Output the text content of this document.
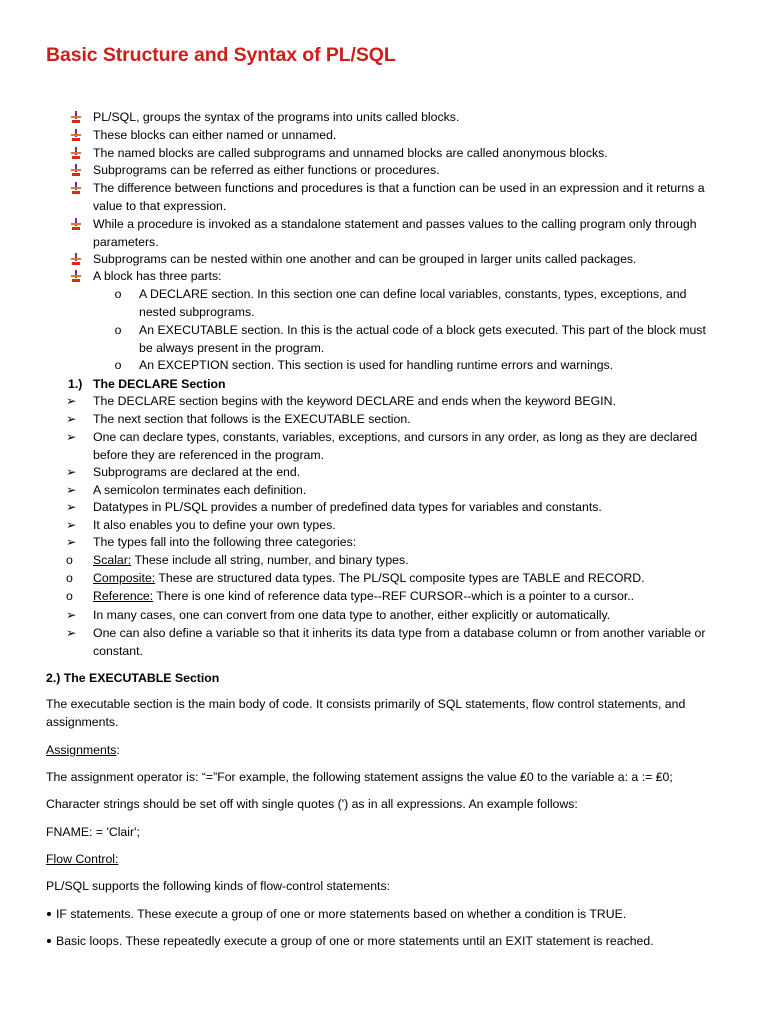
Basic Structure and Syntax of PL/SQL
PL/SQL, groups the syntax of the programs into units called blocks.
These blocks can either named or unnamed.
The named blocks are called subprograms and unnamed blocks are called anonymous blocks.
Subprograms can be referred as either functions or procedures.
The difference between functions and procedures is that a function can be used in an expression and it returns a value to that expression.
While a procedure is invoked as a standalone statement and passes values to the calling program only through parameters.
Subprograms can be nested within one another and can be grouped in larger units called packages.
A block has three parts:
o A DECLARE section. In this section one can define local variables, constants, types, exceptions, and nested subprograms.
o An EXECUTABLE section. In this is the actual code of a block gets executed. This part of the block must be always present in the program.
o An EXCEPTION section. This section is used for handling runtime errors and warnings.
1.) The DECLARE Section
➢ The DECLARE section begins with the keyword DECLARE and ends when the keyword BEGIN.
➢ The next section that follows is the EXECUTABLE section.
➢ One can declare types, constants, variables, exceptions, and cursors in any order, as long as they are declared before they are referenced in the program.
➢ Subprograms are declared at the end.
➢ A semicolon terminates each definition.
➢ Datatypes in PL/SQL provides a number of predefined data types for variables and constants.
➢ It also enables you to define your own types.
➢ The types fall into the following three categories:
o	Scalar: These include all string, number, and binary types.
o	Composite: These are structured data types. The PL/SQL composite types are TABLE and RECORD.
o	Reference: There is one kind of reference data type--REF CURSOR--which is a pointer to a cursor..
➢ In many cases, one can convert from one data type to another, either explicitly or automatically.
➢ One can also define a variable so that it inherits its data type from a database column or from another variable or constant.
2.) The EXECUTABLE Section
The executable section is the main body of code. It consists primarily of SQL statements, flow control statements, and assignments.
Assignments:
The assignment operator is: “=”For example, the following statement assigns the value ₤0 to the variable a: a := ₤0;
Character strings should be set off with single quotes (') as in all expressions. An example follows:
FNAME: = 'Clair';
Flow Control:
PL/SQL supports the following kinds of flow-control statements:
IF statements. These execute a group of one or more statements based on whether a condition is TRUE.
Basic loops. These repeatedly execute a group of one or more statements until an EXIT statement is reached.
